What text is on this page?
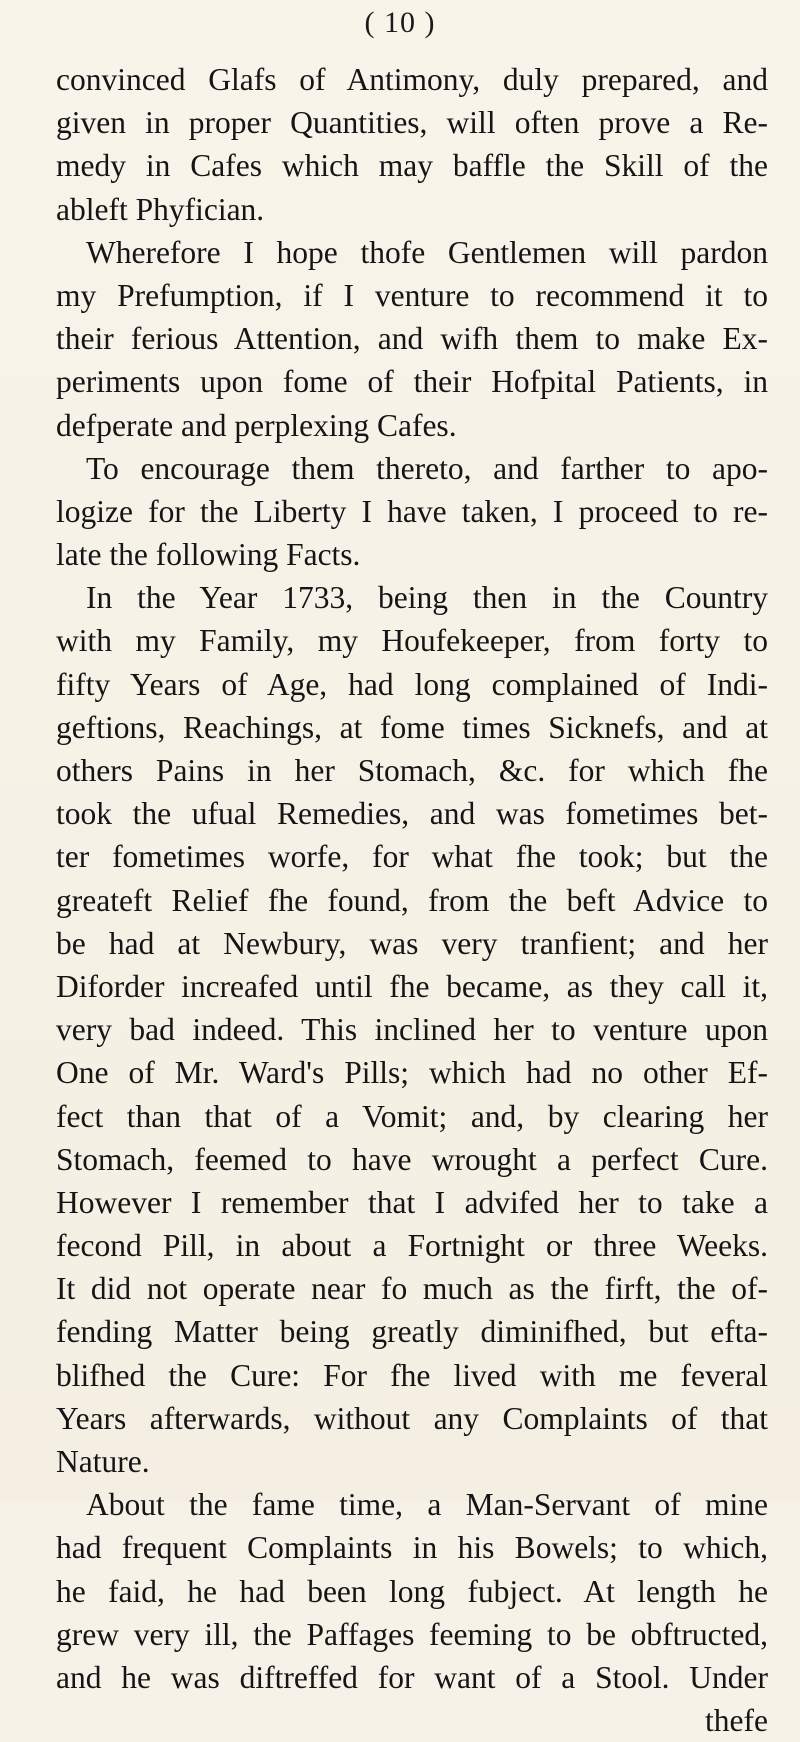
( 10 )
convinced Glafs of Antimony, duly prepared, and
given in proper Quantities, will often prove a Re-
medy in Cafes which may baffle the Skill of the
ableft Phyfician.
Wherefore I hope thofe Gentlemen will pardon
my Prefumption, if I venture to recommend it to
their ferious Attention, and wifh them to make Ex-
periments upon fome of their Hofpital Patients, in
defperate and perplexing Cafes.
To encourage them thereto, and farther to apo-
logize for the Liberty I have taken, I proceed to re-
late the following Facts.
In the Year 1733, being then in the Country
with my Family, my Houfekeeper, from forty to
fifty Years of Age, had long complained of Indi-
geftions, Reachings, at fome times Sicknefs, and at
others Pains in her Stomach, &c. for which fhe
took the ufual Remedies, and was fometimes bet-
ter fometimes worfe, for what fhe took; but the
greateft Relief fhe found, from the beft Advice to
be had at Newbury, was very tranfient; and her
Diforder increafed until fhe became, as they call it,
very bad indeed. This inclined her to venture upon
One of Mr. Ward's Pills; which had no other Ef-
fect than that of a Vomit; and, by clearing her
Stomach, feemed to have wrought a perfect Cure.
However I remember that I advifed her to take a
fecond Pill, in about a Fortnight or three Weeks.
It did not operate near fo much as the firft, the of-
fending Matter being greatly diminifhed, but efta-
blifhed the Cure: For fhe lived with me feveral
Years afterwards, without any Complaints of that
Nature.
About the fame time, a Man-Servant of mine
had frequent Complaints in his Bowels; to which,
he faid, he had been long fubject. At length he
grew very ill, the Paffages feeming to be obftructed,
and he was diftreffed for want of a Stool. Under
thefe
